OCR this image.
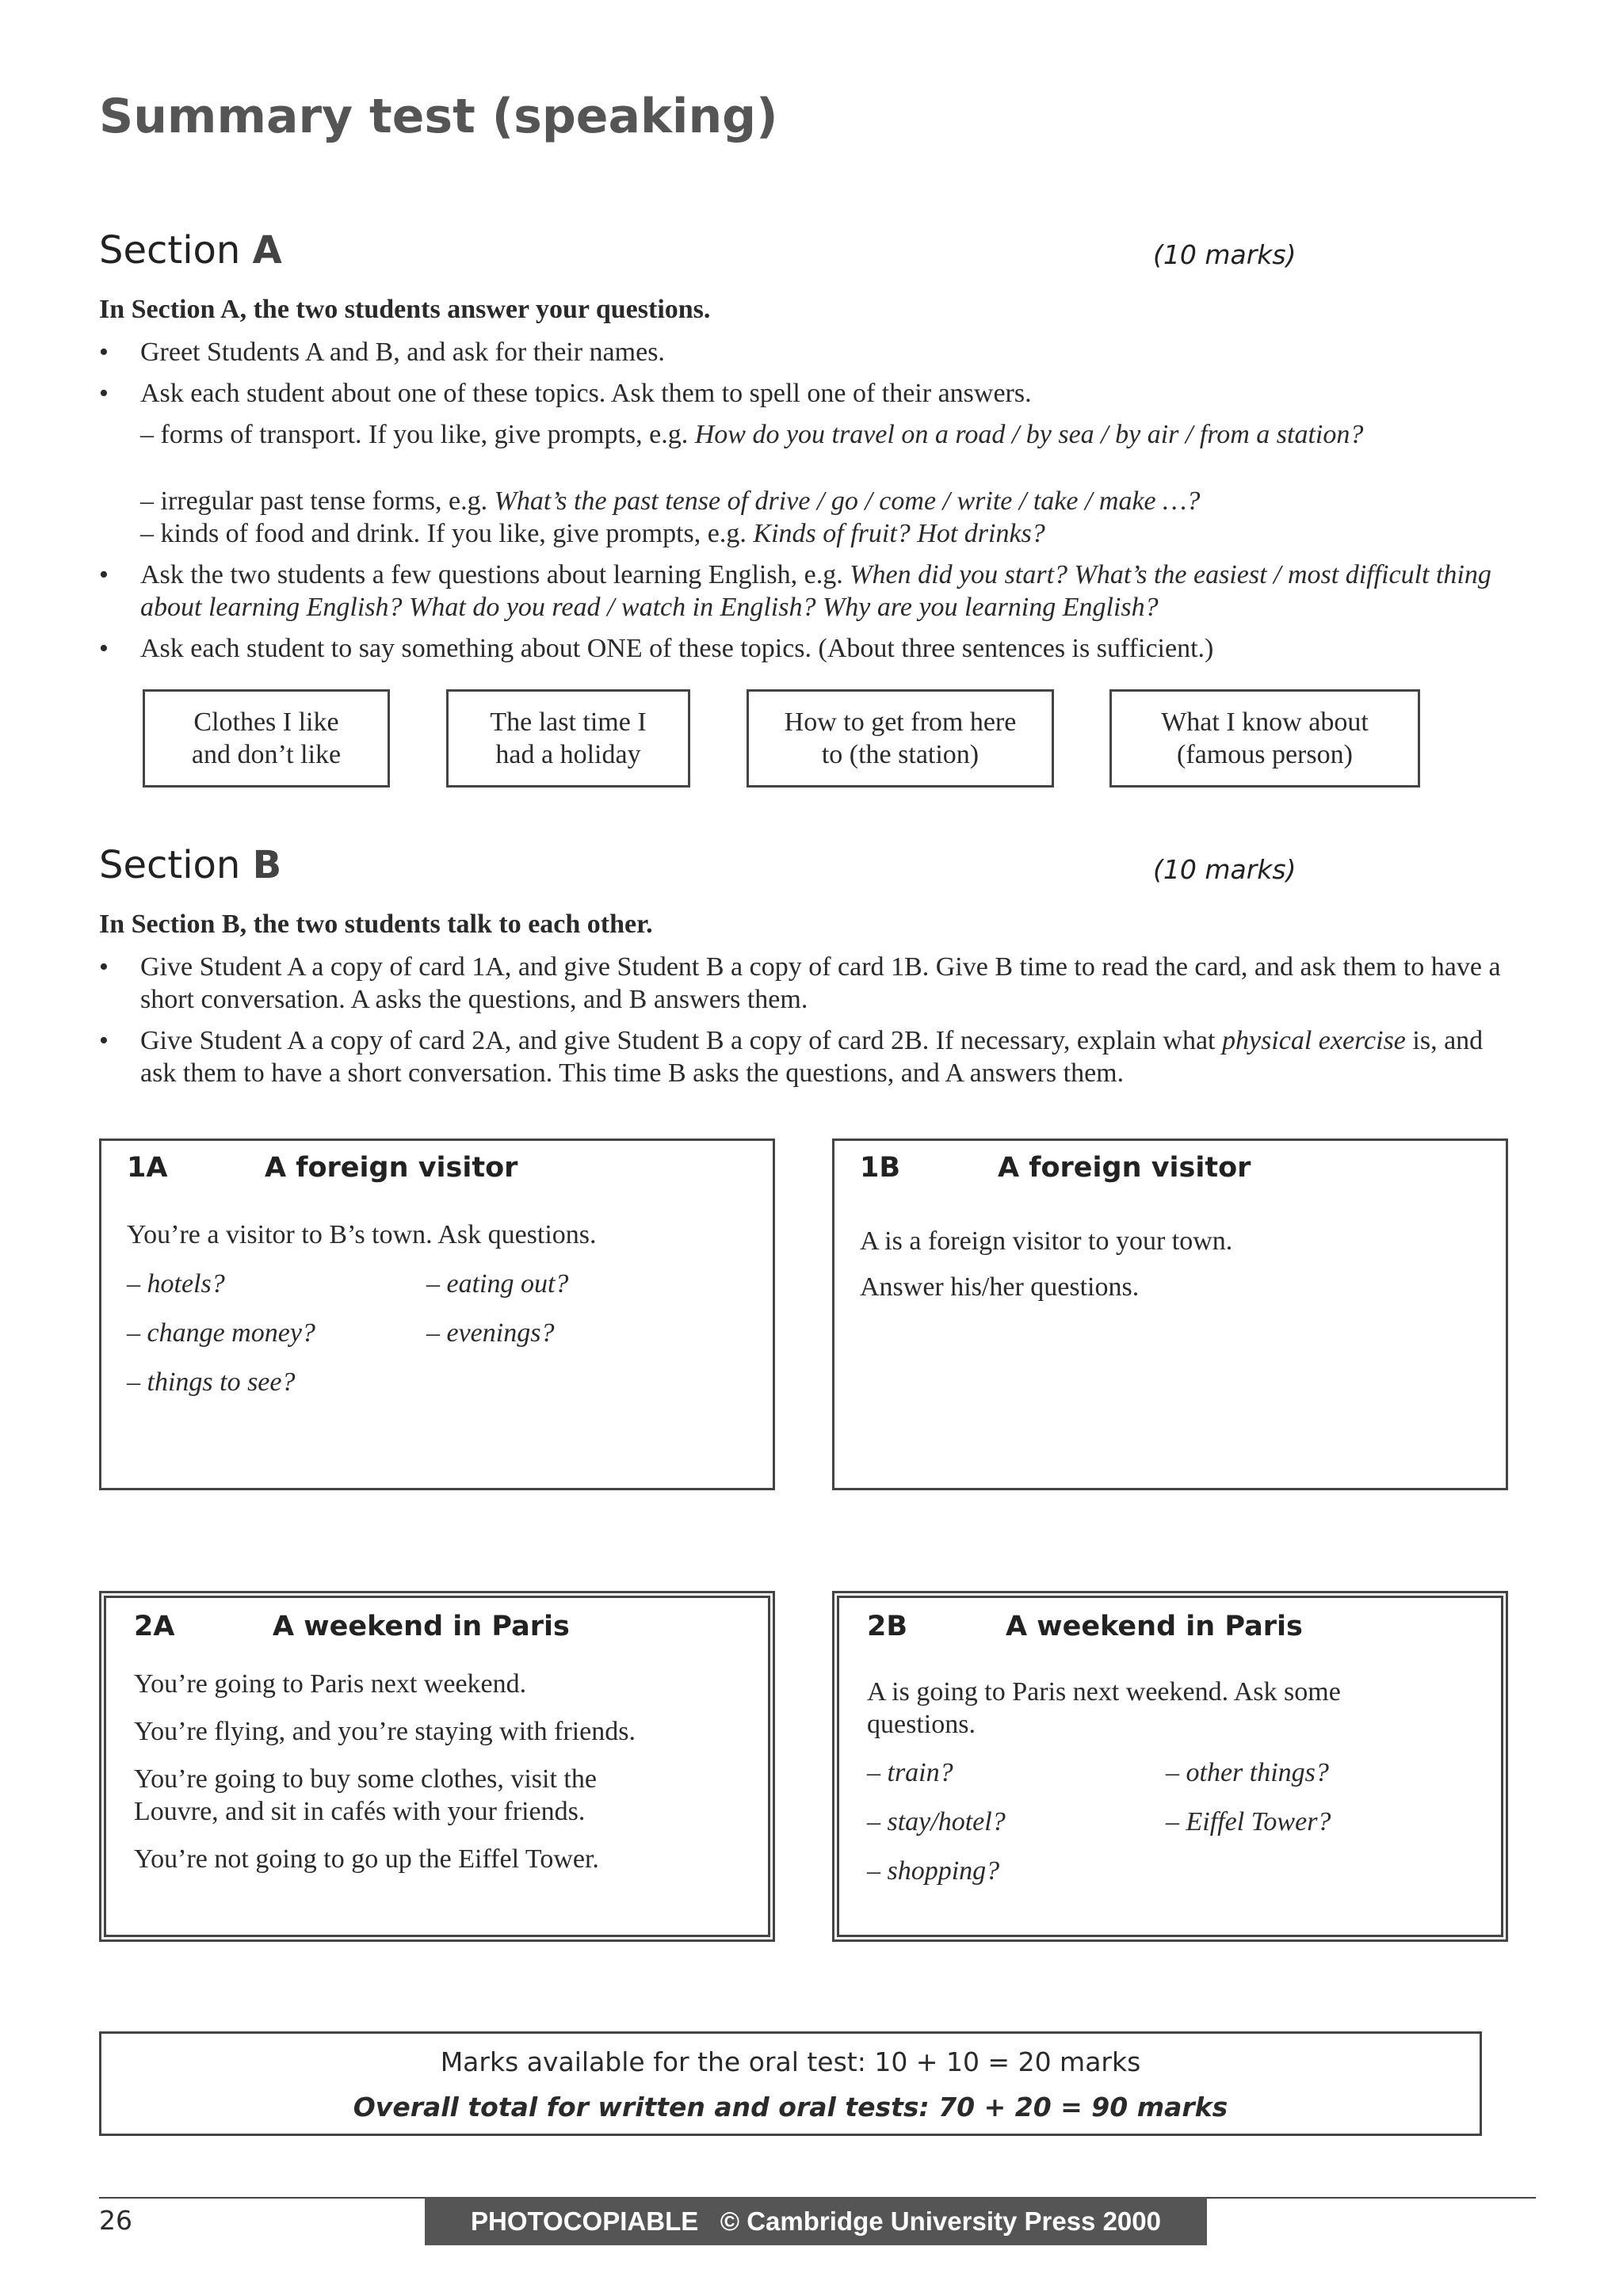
Summary test (speaking)
Section A	(10 marks)
In Section A, the two students answer your questions.
• Greet Students A and B, and ask for their names.
• Ask each student about one of these topics. Ask them to spell one of their answers.
– forms of transport. If you like, give prompts, e.g. How do you travel on a road / by sea / by air / from a station?
– irregular past tense forms, e.g. What’s the past tense of drive / go / come / write / take / make …?
– kinds of food and drink. If you like, give prompts, e.g. Kinds of fruit? Hot drinks?
• Ask the two students a few questions about learning English, e.g. When did you start? What’s the easiest / most difficult thing about learning English? What do you read / watch in English? Why are you learning English?
• Ask each student to say something about ONE of these topics. (About three sentences is sufficient.)
Clothes I like
and don’t like
The last time I
had a holiday
How to get from here
to (the station)
What I know about
(famous person)
Section B	(10 marks)
In Section B, the two students talk to each other.
• Give Student A a copy of card 1A, and give Student B a copy of card 1B. Give B time to read the card, and ask them to have a short conversation. A asks the questions, and B answers them.
• Give Student A a copy of card 2A, and give Student B a copy of card 2B. If necessary, explain what physical exercise is, and ask them to have a short conversation. This time B asks the questions, and A answers them.
1A	A foreign visitor
You’re a visitor to B’s town. Ask questions.
– hotels?
– change money?
– things to see?
– eating out?
– evenings?
1B	A foreign visitor
A is a foreign visitor to your town.
Answer his/her questions.
2A	A weekend in Paris
You’re going to Paris next weekend.
You’re flying, and you’re staying with friends.
You’re going to buy some clothes, visit the
Louvre, and sit in cafés with your friends.
You’re not going to go up the Eiffel Tower.
2B	A weekend in Paris
A is going to Paris next weekend. Ask some
questions.
– train?
– stay/hotel?
– shopping?
– other things?
– Eiffel Tower?
Marks available for the oral test: 10 + 10 = 20 marks
Overall total for written and oral tests: 70 + 20 = 90 marks
26	PHOTOCOPIABLE   © Cambridge University Press 2000
